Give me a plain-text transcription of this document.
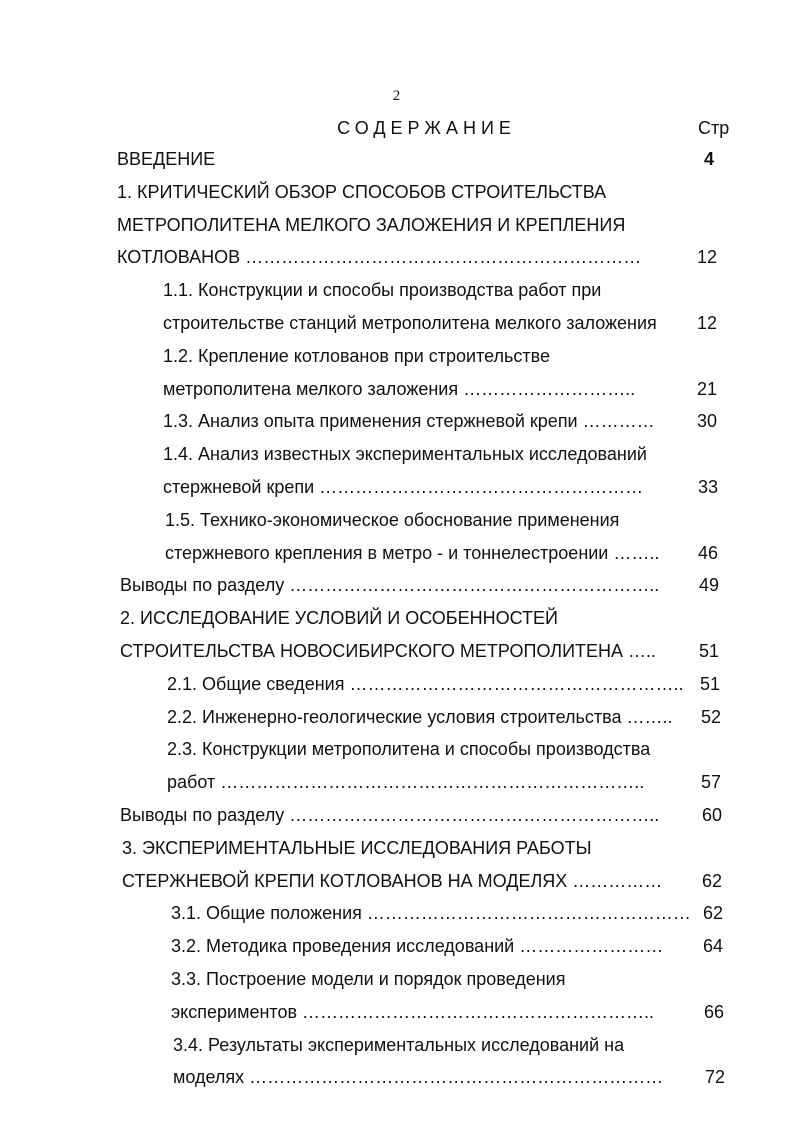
2
СОДЕРЖАНИЕ	Стр
ВВЕДЕНИЕ	4
1. КРИТИЧЕСКИЙ ОБЗОР СПОСОБОВ СТРОИТЕЛЬСТВА
МЕТРОПОЛИТЕНА МЕЛКОГО ЗАЛОЖЕНИЯ И КРЕПЛЕНИЯ
КОТЛОВАНОВ …………………………………………………………	12
1.1. Конструкции и способы производства работ при
строительстве станций метрополитена мелкого заложения 12
1.2. Крепление котлованов при строительстве
метрополитена мелкого заложения ………………………..	21
1.3. Анализ опыта применения стержневой крепи ………… 30
1.4. Анализ известных экспериментальных исследований
стержневой крепи ………………………………………………	33
1.5. Технико-экономическое обоснование применения
стержневого крепления в метро - и тоннелестроении …….. 46
Выводы по разделу …………………………………………………….. 49
2. ИССЛЕДОВАНИЕ УСЛОВИЙ И ОСОБЕННОСТЕЙ
СТРОИТЕЛЬСТВА НОВОСИБИРСКОГО МЕТРОПОЛИТЕНА ….. 51
2.1. Общие сведения ……………………………………………….. 51
2.2. Инженерно-геологические условия строительства …….. 52
2.3. Конструкции метрополитена и способы производства
работ ……………………………………………………………..	57
Выводы по разделу …………………………………………………….. 60
3. ЭКСПЕРИМЕНТАЛЬНЫЕ ИССЛЕДОВАНИЯ РАБОТЫ
СТЕРЖНЕВОЙ КРЕПИ КОТЛОВАНОВ НА МОДЕЛЯХ …………… 62
3.1. Общие положения ……………………………………………… 62
3.2. Методика проведения исследований …………………… 64
3.3. Построение модели и порядок проведения
экспериментов …………………………………………………..	66
3.4. Результаты экспериментальных исследований на
моделях …………………………………………………………… 72
